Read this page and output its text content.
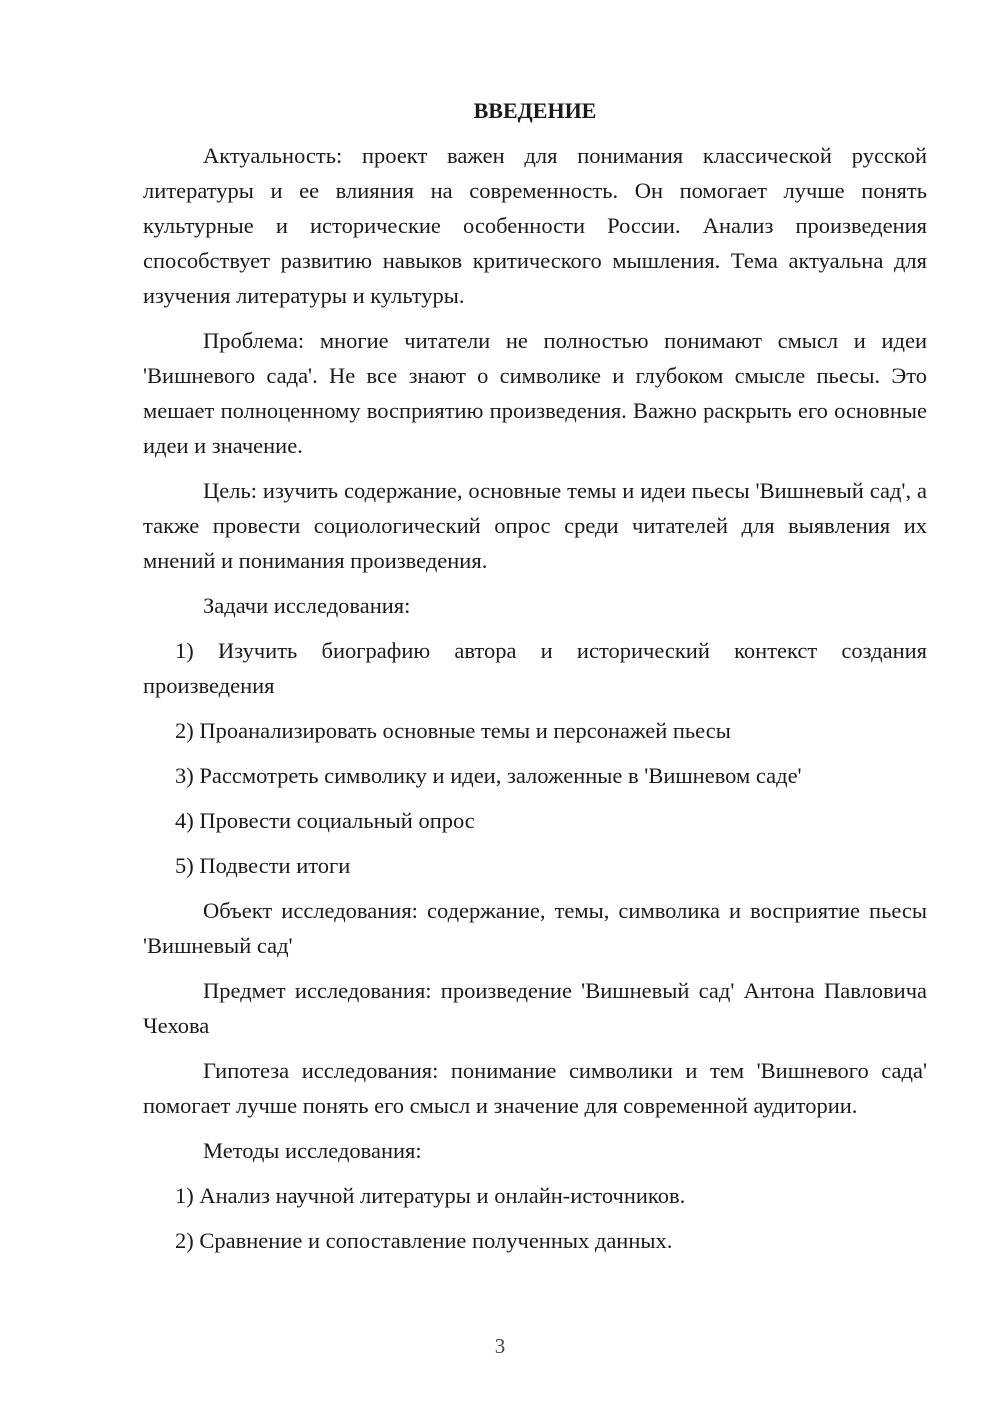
ВВЕДЕНИЕ

Актуальность: проект важен для понимания классической русской литературы и ее влияния на современность. Он помогает лучше понять культурные и исторические особенности России. Анализ произведения способствует развитию навыков критического мышления. Тема актуальна для изучения литературы и культуры.

Проблема: многие читатели не полностью понимают смысл и идеи 'Вишневого сада'. Не все знают о символике и глубоком смысле пьесы. Это мешает полноценному восприятию произведения. Важно раскрыть его основные идеи и значение.

Цель: изучить содержание, основные темы и идеи пьесы 'Вишневый сад', а также провести социологический опрос среди читателей для выявления их мнений и понимания произведения.

Задачи исследования:

1) Изучить биографию автора и исторический контекст создания произведения

2) Проанализировать основные темы и персонажей пьесы

3) Рассмотреть символику и идеи, заложенные в 'Вишневом саде'

4) Провести социальный опрос

5) Подвести итоги

Объект исследования: содержание, темы, символика и восприятие пьесы 'Вишневый сад'

Предмет исследования: произведение 'Вишневый сад' Антона Павловича Чехова

Гипотеза исследования: понимание символики и тем 'Вишневого сада' помогает лучше понять его смысл и значение для современной аудитории.

Методы исследования:

1) Анализ научной литературы и онлайн-источников.

2) Сравнение и сопоставление полученных данных.

3
